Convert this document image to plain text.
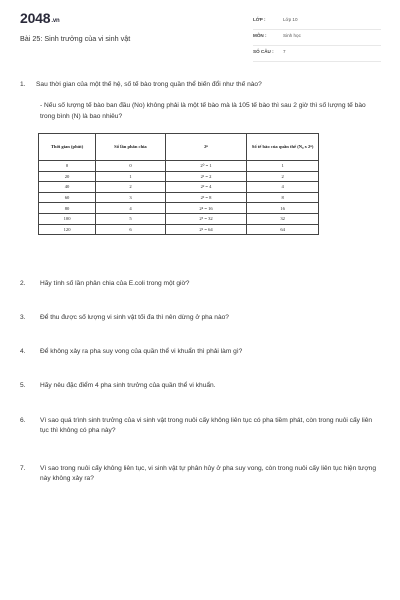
2048.vn
Bài 25: Sinh trưởng của vi sinh vật
LỚP :	Lớp 10
MÔN :	Sinh học
SỐ CÂU : 7
1.	Sau thời gian của một thế hệ, số tế bào trong quần thể biến đổi như thế nào?
- Nếu số lượng tế bào ban đầu (No) không phải là một tế bào mà là 105 tế bào thì sau 2 giờ thì số lượng tế bào trong bình (N) là bao nhiêu?
Thời gian (phút)	Số lần phân chia	2ⁿ	Số tế bào của quần thể (N₀ x 2ⁿ)
0	0	2⁰ = 1	1
20	1	2¹ = 2	2
40	2	2² = 4	4
60	3	2³ = 8	8
80	4	2⁴ = 16	16
100	5	2⁵ = 32	32
120	6	2⁶ = 64	64
2.	Hãy tính số lần phân chia của E.coli trong một giờ?
3.	Để thu được số lượng vi sinh vật tối đa thì nên dừng ở pha nào?
4.	Để không xảy ra pha suy vong của quần thể vi khuẩn thì phải làm gì?
5.	Hãy nêu đặc điểm 4 pha sinh trưởng của quần thể vi khuẩn.
6.	Vì sao quá trình sinh trưởng của vi sinh vật trong nuôi cấy không liên tục có pha tiềm phát, còn trong nuôi cấy liên tục thì không có pha này?
7.	Vì sao trong nuôi cấy không liên tục, vi sinh vật tự phân hủy ở pha suy vong, còn trong nuôi cấy liên tục hiện tượng này không xảy ra?
